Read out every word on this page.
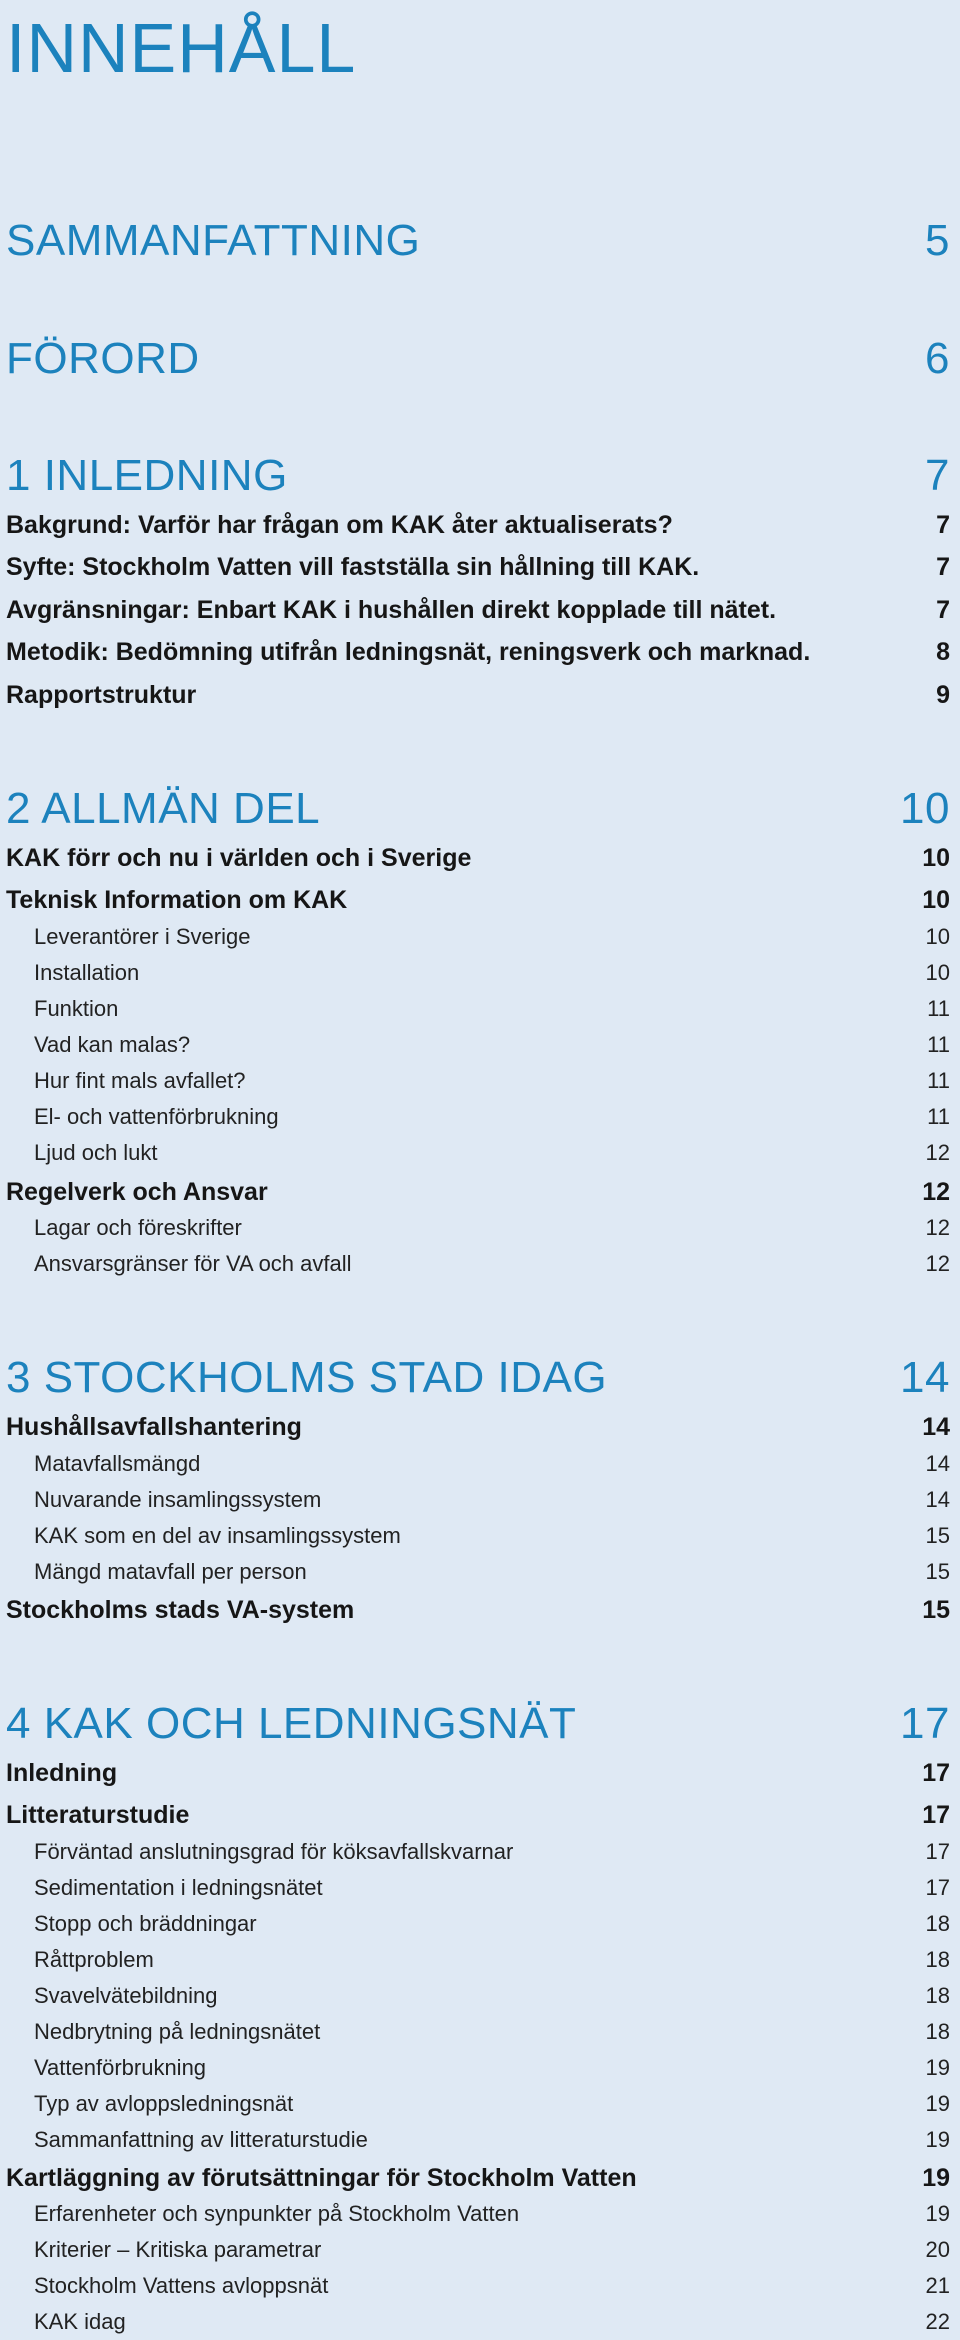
INNEHÅLL
SAMMANFATTNING	5
FÖRORD	6
1 INLEDNING	7
Bakgrund: Varför har frågan om KAK åter aktualiserats?	7
Syfte: Stockholm Vatten vill fastställa sin hållning till KAK.	7
Avgränsningar: Enbart KAK i hushållen direkt kopplade till nätet.	7
Metodik: Bedömning utifrån ledningsnät, reningsverk och marknad.	8
Rapportstruktur	9
2 ALLMÄN DEL	10
KAK förr och nu i världen och i Sverige	10
Teknisk Information om KAK	10
Leverantörer i Sverige	10
Installation	10
Funktion	11
Vad kan malas?	11
Hur fint mals avfallet?	11
El- och vattenförbrukning	11
Ljud och lukt	12
Regelverk och Ansvar	12
Lagar och föreskrifter	12
Ansvarsgränser för VA och avfall	12
3 STOCKHOLMS STAD IDAG	14
Hushållsavfallshantering	14
Matavfallsmängd	14
Nuvarande insamlingssystem	14
KAK som en del av insamlingssystem	15
Mängd matavfall per person	15
Stockholms stads VA-system	15
4 KAK OCH LEDNINGSNÄT	17
Inledning	17
Litteraturstudie	17
Förväntad anslutningsgrad för köksavfallskvarnar	17
Sedimentation i ledningsnätet	17
Stopp och bräddningar	18
Råttproblem	18
Svavelvätebildning	18
Nedbrytning på ledningsnätet	18
Vattenförbrukning	19
Typ av avloppsledningsnät	19
Sammanfattning av litteraturstudie	19
Kartläggning av förutsättningar för Stockholm Vatten	19
Erfarenheter och synpunkter på Stockholm Vatten	19
Kriterier – Kritiska parametrar	20
Stockholm Vattens avloppsnät	21
KAK idag	22
